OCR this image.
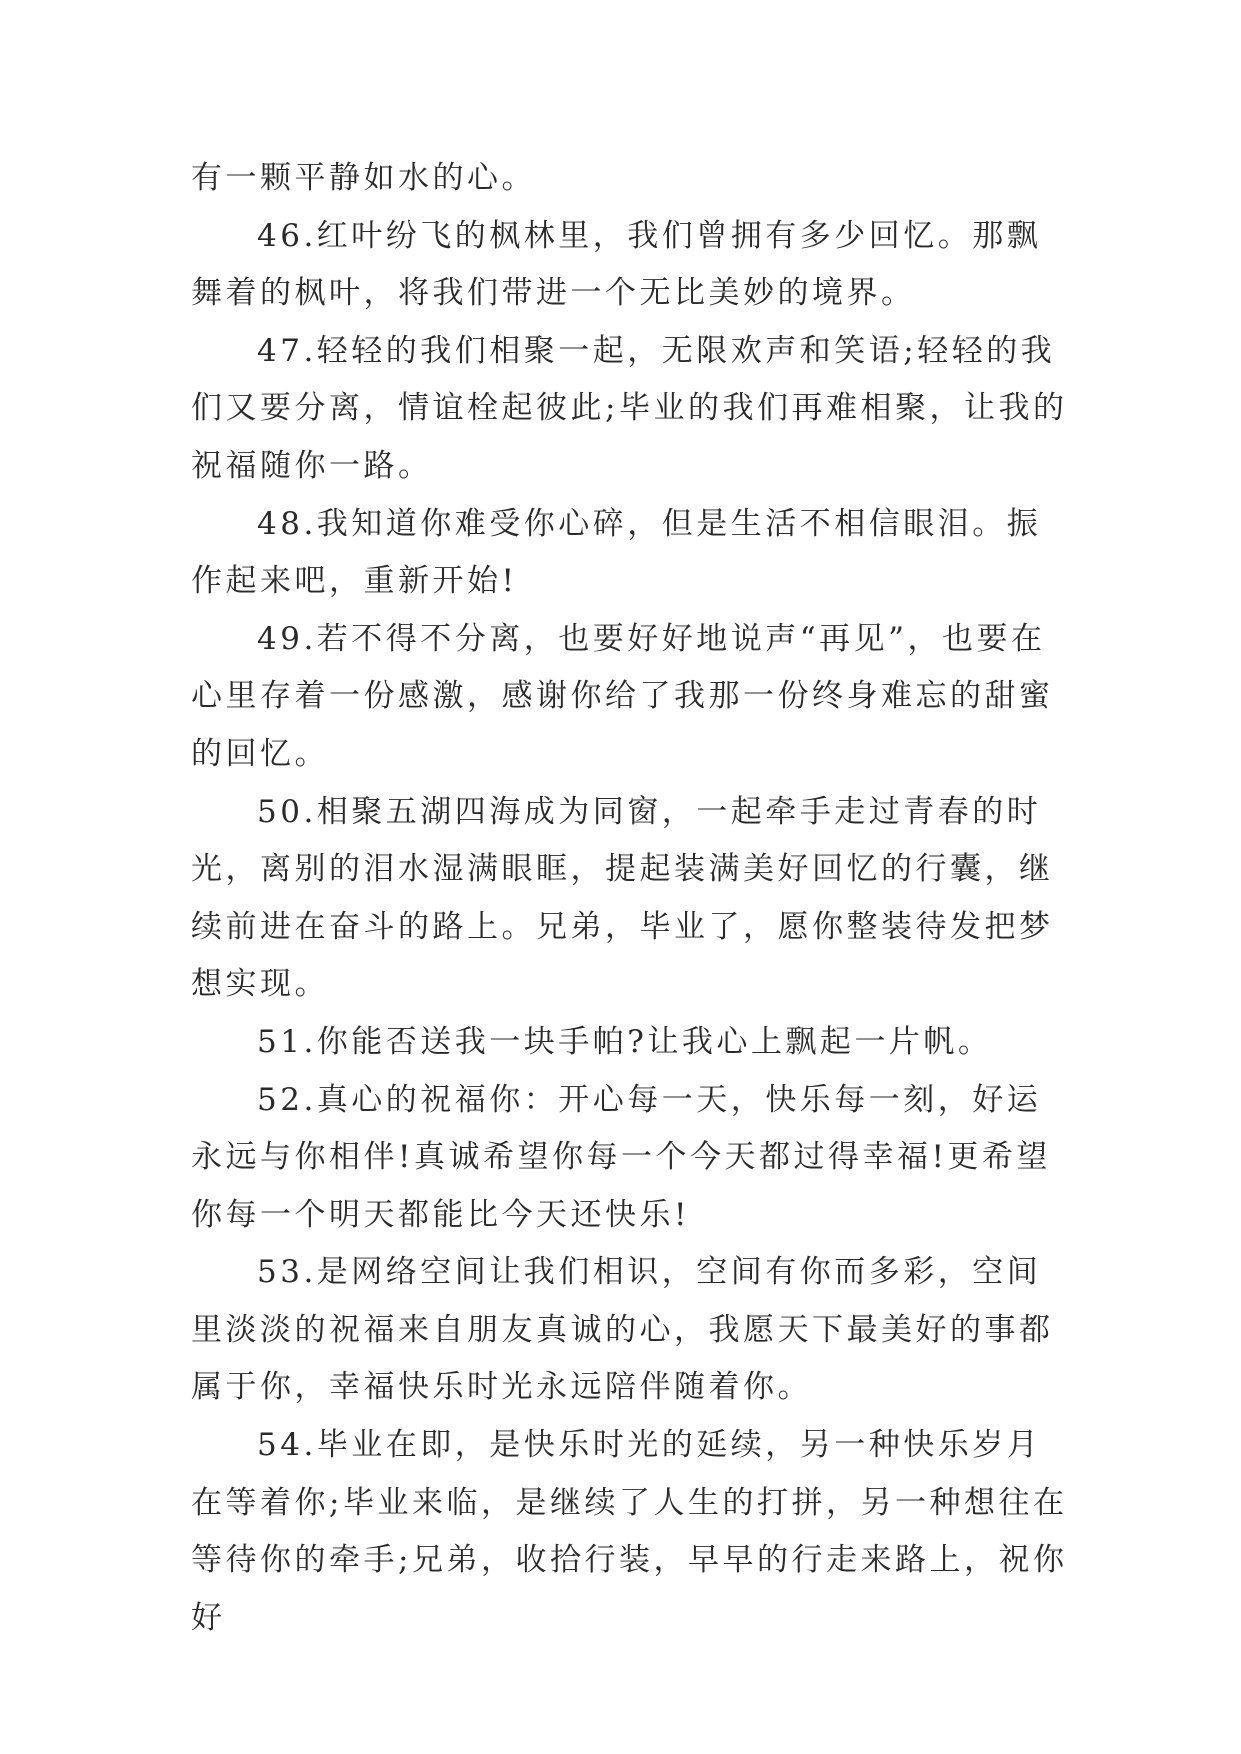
有一颗平静如水的心。

46.红叶纷飞的枫林里，我们曾拥有多少回忆。那飘舞着的枫叶，将我们带进一个无比美妙的境界。

47.轻轻的我们相聚一起，无限欢声和笑语;轻轻的我们又要分离，情谊栓起彼此;毕业的我们再难相聚，让我的祝福随你一路。

48.我知道你难受你心碎，但是生活不相信眼泪。振作起来吧，重新开始!

49.若不得不分离，也要好好地说声“再见”，也要在心里存着一份感激，感谢你给了我那一份终身难忘的甜蜜的回忆。

50.相聚五湖四海成为同窗，一起牵手走过青春的时光，离别的泪水湿满眼眶，提起装满美好回忆的行囊，继续前进在奋斗的路上。兄弟，毕业了，愿你整装待发把梦想实现。

51.你能否送我一块手帕?让我心上飘起一片帆。

52.真心的祝福你：开心每一天，快乐每一刻，好运永远与你相伴!真诚希望你每一个今天都过得幸福!更希望你每一个明天都能比今天还快乐!

53.是网络空间让我们相识，空间有你而多彩，空间里淡淡的祝福来自朋友真诚的心，我愿天下最美好的事都属于你，幸福快乐时光永远陪伴随着你。

54.毕业在即，是快乐时光的延续，另一种快乐岁月在等着你;毕业来临，是继续了人生的打拼，另一种想往在等待你的牵手;兄弟，收拾行装，早早的行走来路上，祝你好
